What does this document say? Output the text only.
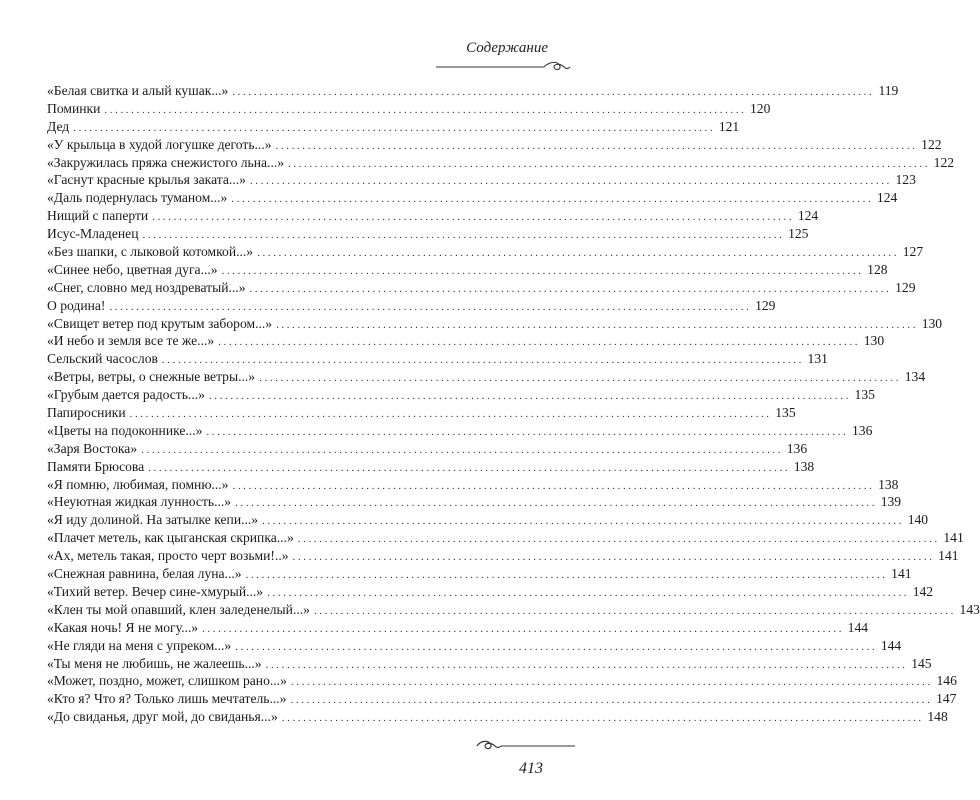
Содержание
«Белая свитка и алый кушак...» ........................................................................................................................ 119
Поминки ........................................................................................................................ 120
Дед ........................................................................................................................ 121
«У крыльца в худой логушке деготь...» ........................................................................................................................ 122
«Закружилась пряжа снежистого льна...» ........................................................................................................................ 122
«Гаснут красные крылья заката...» ........................................................................................................................ 123
«Даль подернулась туманом...» ........................................................................................................................ 124
Нищий с паперти ........................................................................................................................ 124
Исус-Младенец ........................................................................................................................ 125
«Без шапки, с лыковой котомкой...» ........................................................................................................................ 127
«Синее небо, цветная дуга...» ........................................................................................................................ 128
«Снег, словно мед ноздреватый...» ........................................................................................................................ 129
О родина! ........................................................................................................................ 129
«Свищет ветер под крутым забором...» ........................................................................................................................ 130
«И небо и земля все те же...» ........................................................................................................................ 130
Сельский часослов ........................................................................................................................ 131
«Ветры, ветры, о снежные ветры...» ........................................................................................................................ 134
«Грубым дается радость...» ........................................................................................................................ 135
Папиросники ........................................................................................................................ 135
«Цветы на подоконнике...» ........................................................................................................................ 136
«Заря Востока» ........................................................................................................................ 136
Памяти Брюсова ........................................................................................................................ 138
«Я помню, любимая, помню...» ........................................................................................................................ 138
«Неуютная жидкая лунность...» ........................................................................................................................ 139
«Я иду долиной. На затылке кепи...» ........................................................................................................................ 140
«Плачет метель, как цыганская скрипка...» ........................................................................................................................ 141
«Ах, метель такая, просто черт возьми!..» ........................................................................................................................ 141
«Снежная равнина, белая луна...» ........................................................................................................................ 141
«Тихий ветер. Вечер сине-хмурый...» ........................................................................................................................ 142
«Клен ты мой опавший, клен заледенелый...» ........................................................................................................................ 143
«Какая ночь! Я не могу...» ........................................................................................................................ 144
«Не гляди на меня с упреком...» ........................................................................................................................ 144
«Ты меня не любишь, не жалеешь...» ........................................................................................................................ 145
«Может, поздно, может, слишком рано...» ........................................................................................................................ 146
«Кто я? Что я? Только лишь мечтатель...» ........................................................................................................................ 147
«До свиданья, друг мой, до свиданья...» ........................................................................................................................ 148
413
